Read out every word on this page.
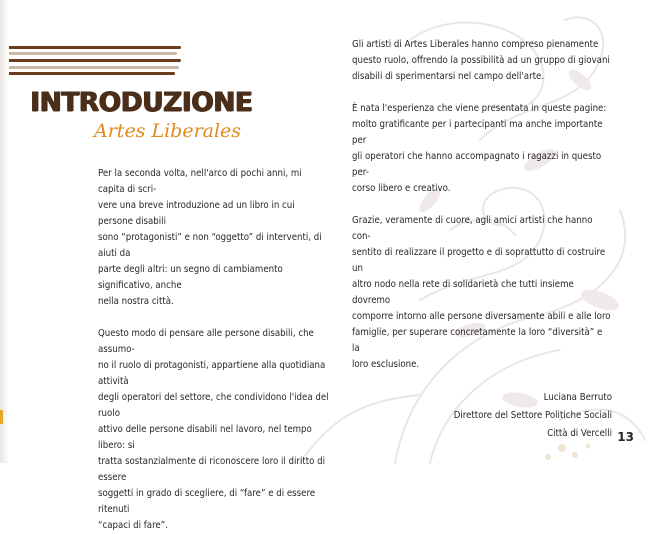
INTRODUZIONE
Artes Liberales

Per la seconda volta, nell'arco di pochi anni, mi capita di scri-
vere una breve introduzione ad un libro in cui persone disabili
sono “protagonisti” e non “oggetto” di interventi, di aiuti da
parte degli altri: un segno di cambiamento significativo, anche
nella nostra città.

Questo modo di pensare alle persone disabili, che assumo-
no il ruolo di protagonisti, appartiene alla quotidiana attività
degli operatori del settore, che condividono l'idea del ruolo
attivo delle persone disabili nel lavoro, nel tempo libero: si
tratta sostanzialmente di riconoscere loro il diritto di essere
soggetti in grado di scegliere, di “fare” e di essere ritenuti
“capaci di fare”.

Gli artisti di Artes Liberales hanno compreso pienamente
questo ruolo, offrendo la possibilità ad un gruppo di giovani
disabili di sperimentarsi nel campo dell'arte.

È nata l'esperienza che viene presentata in queste pagine:
molto gratificante per i partecipanti ma anche importante per
gli operatori che hanno accompagnato i ragazzi in questo per-
corso libero e creativo.

Grazie, veramente di cuore, agli amici artisti che hanno con-
sentito di realizzare il progetto e di soprattutto di costruire un
altro nodo nella rete di solidarietà che tutti insieme dovremo
comporre intorno alle persone diversamente abili e alle loro
famiglie, per superare concretamente la loro “diversità” e la
loro esclusione.

Luciana Berruto
Direttore del Settore Politiche Sociali
Città di Vercelli 13
